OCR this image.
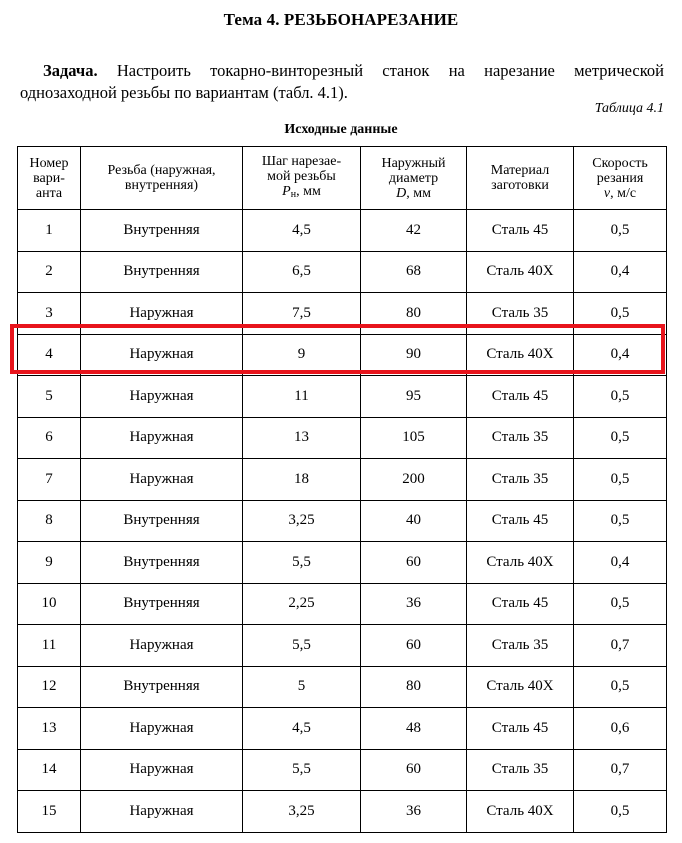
Тема 4. РЕЗЬБОНАРЕЗАНИЕ
Задача. Настроить токарно-винторезный станок на нарезание метрической однозаходной резьбы по вариантам (табл. 4.1).
Таблица 4.1
Исходные данные
Номер
вари-
анта	Резьба (наружная,
внутренняя)	Шаг нарезае-
мой резьбы
$P_н$, мм	Наружный
диаметр
D, мм	Материал
заготовки	Скорость
резания
v, м/с
1	Внутренняя	4,5	42	Сталь 45	0,5
2	Внутренняя	6,5	68	Сталь 40Х	0,4
3	Наружная	7,5	80	Сталь 35	0,5
4	Наружная	9	90	Сталь 40Х	0,4
5	Наружная	11	95	Сталь 45	0,5
6	Наружная	13	105	Сталь 35	0,5
7	Наружная	18	200	Сталь 35	0,5
8	Внутренняя	3,25	40	Сталь 45	0,5
9	Внутренняя	5,5	60	Сталь 40Х	0,4
10	Внутренняя	2,25	36	Сталь 45	0,5
11	Наружная	5,5	60	Сталь 35	0,7
12	Внутренняя	5	80	Сталь 40Х	0,5
13	Наружная	4,5	48	Сталь 45	0,6
14	Наружная	5,5	60	Сталь 35	0,7
15	Наружная	3,25	36	Сталь 40Х	0,5
